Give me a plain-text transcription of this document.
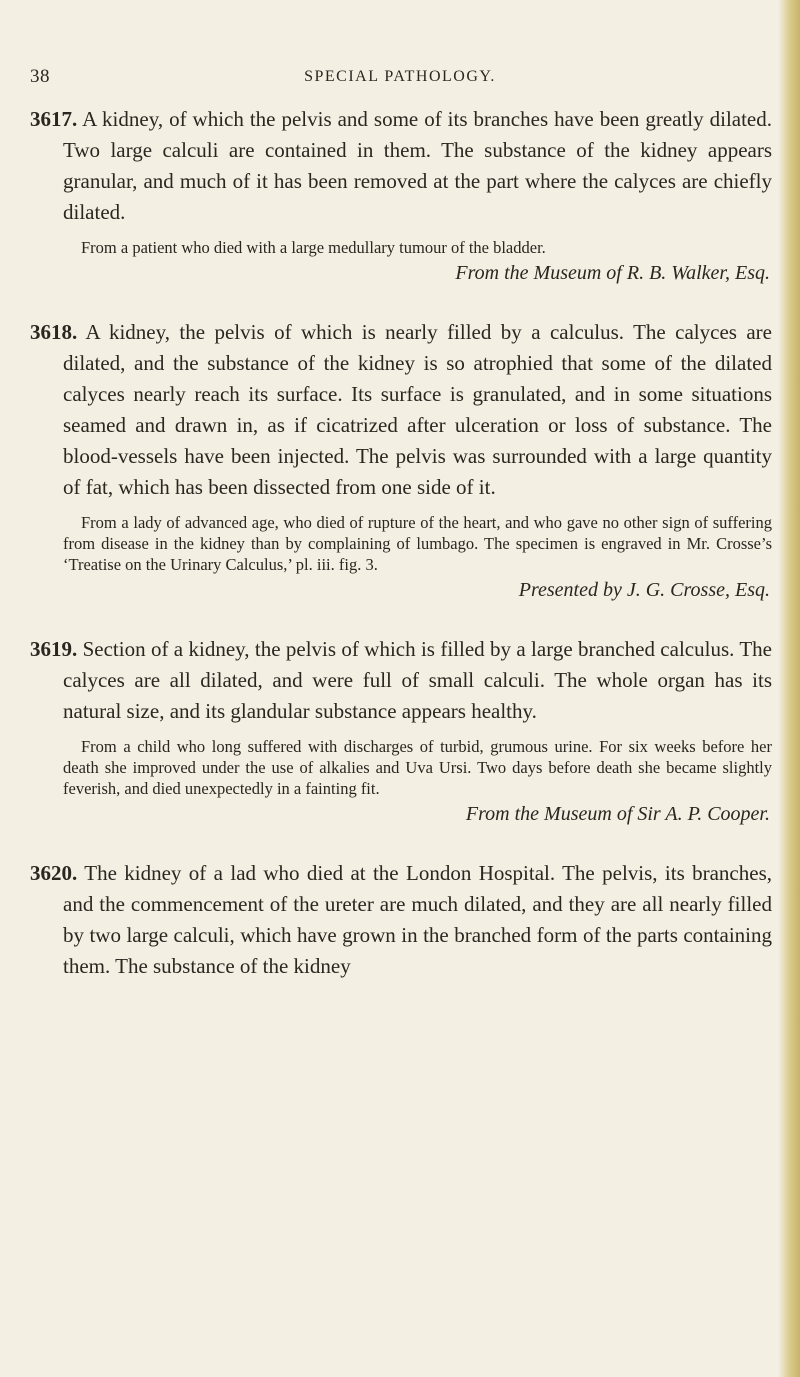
38	SPECIAL PATHOLOGY.

3617. A kidney, of which the pelvis and some of its branches have been greatly dilated. Two large calculi are contained in them. The substance of the kidney appears granular, and much of it has been removed at the part where the calyces are chiefly dilated.

From a patient who died with a large medullary tumour of the bladder.

From the Museum of R. B. Walker, Esq.

3618. A kidney, the pelvis of which is nearly filled by a calculus. The calyces are dilated, and the substance of the kidney is so atrophied that some of the dilated calyces nearly reach its surface. Its surface is granulated, and in some situations seamed and drawn in, as if cicatrized after ulceration or loss of substance. The blood-vessels have been injected. The pelvis was surrounded with a large quantity of fat, which has been dissected from one side of it.

From a lady of advanced age, who died of rupture of the heart, and who gave no other sign of suffering from disease in the kidney than by complaining of lumbago. The specimen is engraved in Mr. Crosse’s ‘Treatise on the Urinary Calculus,’ pl. iii. fig. 3.

Presented by J. G. Crosse, Esq.

3619. Section of a kidney, the pelvis of which is filled by a large branched calculus. The calyces are all dilated, and were full of small calculi. The whole organ has its natural size, and its glandular substance appears healthy.

From a child who long suffered with discharges of turbid, grumous urine. For six weeks before her death she improved under the use of alkalies and Uva Ursi. Two days before death she became slightly feverish, and died unexpectedly in a fainting fit.

From the Museum of Sir A. P. Cooper.

3620. The kidney of a lad who died at the London Hospital. The pelvis, its branches, and the commencement of the ureter are much dilated, and they are all nearly filled by two large calculi, which have grown in the branched form of the parts containing them. The substance of the kidney
